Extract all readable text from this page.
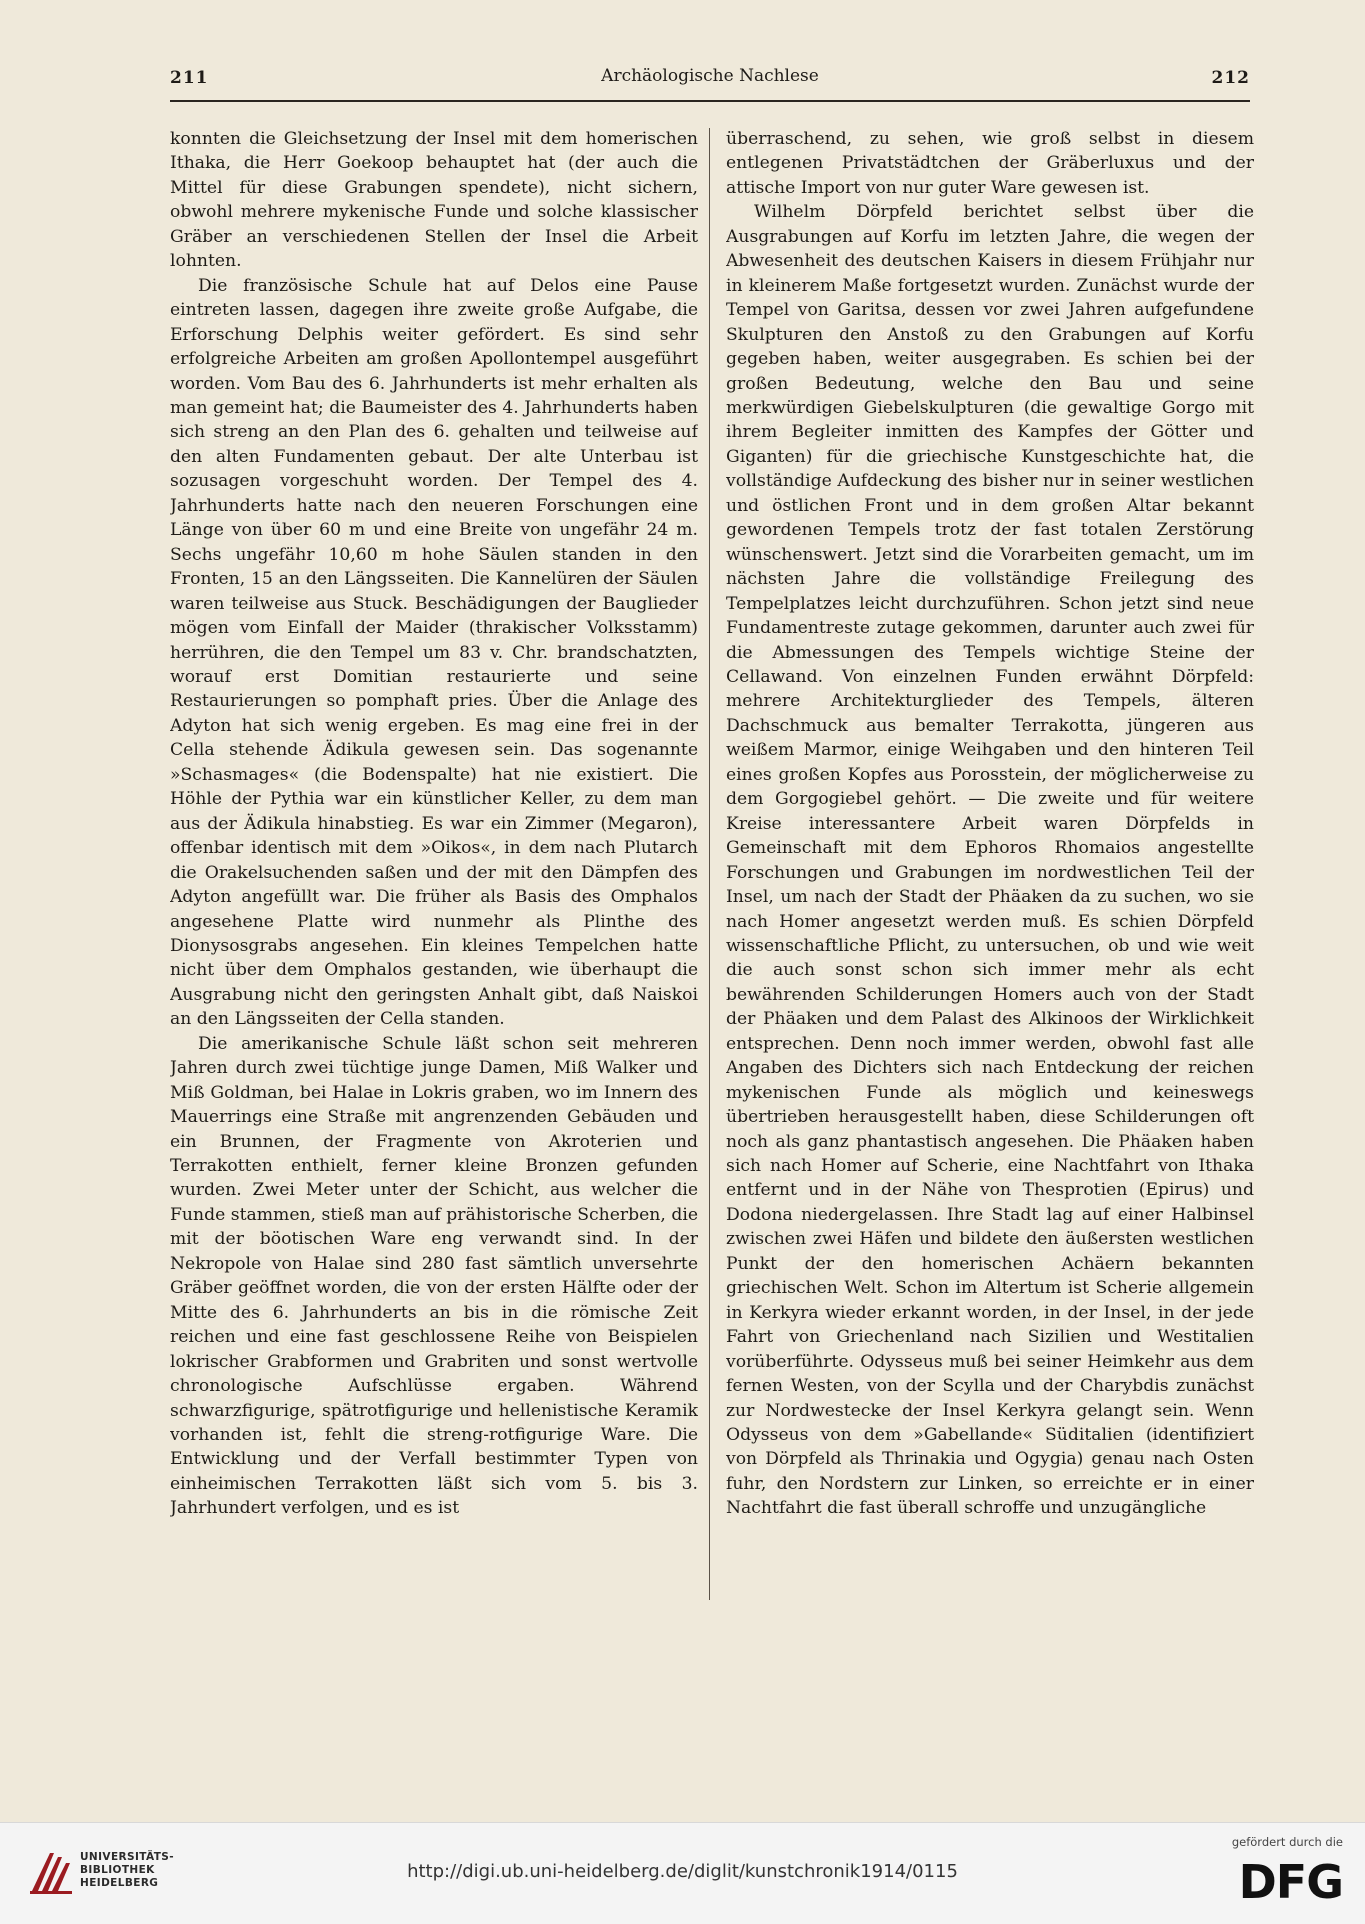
211	Archäologische Nachlese	212

konnten die Gleichsetzung der Insel mit dem homerischen Ithaka, die Herr Goekoop behauptet hat (der auch die Mittel für diese Grabungen spendete), nicht sichern, obwohl mehrere mykenische Funde und solche klassischer Gräber an verschiedenen Stellen der Insel die Arbeit lohnten.

Die französische Schule hat auf Delos eine Pause eintreten lassen, dagegen ihre zweite große Aufgabe, die Erforschung Delphis weiter gefördert. Es sind sehr erfolgreiche Arbeiten am großen Apollontempel ausgeführt worden. Vom Bau des 6. Jahrhunderts ist mehr erhalten als man gemeint hat; die Baumeister des 4. Jahrhunderts haben sich streng an den Plan des 6. gehalten und teilweise auf den alten Fundamenten gebaut. Der alte Unterbau ist sozusagen vorgeschuht worden. Der Tempel des 4. Jahrhunderts hatte nach den neueren Forschungen eine Länge von über 60 m und eine Breite von ungefähr 24 m. Sechs ungefähr 10,60 m hohe Säulen standen in den Fronten, 15 an den Längsseiten. Die Kannelüren der Säulen waren teilweise aus Stuck. Beschädigungen der Bauglieder mögen vom Einfall der Maider (thrakischer Volksstamm) herrühren, die den Tempel um 83 v. Chr. brandschatzten, worauf erst Domitian restaurierte und seine Restaurierungen so pomphaft pries. Über die Anlage des Adyton hat sich wenig ergeben. Es mag eine frei in der Cella stehende Ädikula gewesen sein. Das sogenannte »Schasmages« (die Bodenspalte) hat nie existiert. Die Höhle der Pythia war ein künstlicher Keller, zu dem man aus der Ädikula hinabstieg. Es war ein Zimmer (Megaron), offenbar identisch mit dem »Oikos«, in dem nach Plutarch die Orakelsuchenden saßen und der mit den Dämpfen des Adyton angefüllt war. Die früher als Basis des Omphalos angesehene Platte wird nunmehr als Plinthe des Dionysosgrabs angesehen. Ein kleines Tempelchen hatte nicht über dem Omphalos gestanden, wie überhaupt die Ausgrabung nicht den geringsten Anhalt gibt, daß Naiskoi an den Längsseiten der Cella standen.

Die amerikanische Schule läßt schon seit mehreren Jahren durch zwei tüchtige junge Damen, Miß Walker und Miß Goldman, bei Halae in Lokris graben, wo im Innern des Mauerrings eine Straße mit angrenzenden Gebäuden und ein Brunnen, der Fragmente von Akroterien und Terrakotten enthielt, ferner kleine Bronzen gefunden wurden. Zwei Meter unter der Schicht, aus welcher die Funde stammen, stieß man auf prähistorische Scherben, die mit der böotischen Ware eng verwandt sind. In der Nekropole von Halae sind 280 fast sämtlich unversehrte Gräber geöffnet worden, die von der ersten Hälfte oder der Mitte des 6. Jahrhunderts an bis in die römische Zeit reichen und eine fast geschlossene Reihe von Beispielen lokrischer Grabformen und Grabriten und sonst wertvolle chronologische Aufschlüsse ergaben. Während schwarzfigurige, spätrotfigurige und hellenistische Keramik vorhanden ist, fehlt die streng-rotfigurige Ware. Die Entwicklung und der Verfall bestimmter Typen von einheimischen Terrakotten läßt sich vom 5. bis 3. Jahrhundert verfolgen, und es ist

überraschend, zu sehen, wie groß selbst in diesem entlegenen Privatstädtchen der Gräberluxus und der attische Import von nur guter Ware gewesen ist.

Wilhelm Dörpfeld berichtet selbst über die Ausgrabungen auf Korfu im letzten Jahre, die wegen der Abwesenheit des deutschen Kaisers in diesem Frühjahr nur in kleinerem Maße fortgesetzt wurden. Zunächst wurde der Tempel von Garitsa, dessen vor zwei Jahren aufgefundene Skulpturen den Anstoß zu den Grabungen auf Korfu gegeben haben, weiter ausgegraben. Es schien bei der großen Bedeutung, welche den Bau und seine merkwürdigen Giebelskulpturen (die gewaltige Gorgo mit ihrem Begleiter inmitten des Kampfes der Götter und Giganten) für die griechische Kunstgeschichte hat, die vollständige Aufdeckung des bisher nur in seiner westlichen und östlichen Front und in dem großen Altar bekannt gewordenen Tempels trotz der fast totalen Zerstörung wünschenswert. Jetzt sind die Vorarbeiten gemacht, um im nächsten Jahre die vollständige Freilegung des Tempelplatzes leicht durchzuführen. Schon jetzt sind neue Fundamentreste zutage gekommen, darunter auch zwei für die Abmessungen des Tempels wichtige Steine der Cellawand. Von einzelnen Funden erwähnt Dörpfeld: mehrere Architekturglieder des Tempels, älteren Dachschmuck aus bemalter Terrakotta, jüngeren aus weißem Marmor, einige Weihgaben und den hinteren Teil eines großen Kopfes aus Porosstein, der möglicherweise zu dem Gorgogiebel gehört. — Die zweite und für weitere Kreise interessantere Arbeit waren Dörpfelds in Gemeinschaft mit dem Ephoros Rhomaios angestellte Forschungen und Grabungen im nordwestlichen Teil der Insel, um nach der Stadt der Phäaken da zu suchen, wo sie nach Homer angesetzt werden muß. Es schien Dörpfeld wissenschaftliche Pflicht, zu untersuchen, ob und wie weit die auch sonst schon sich immer mehr als echt bewährenden Schilderungen Homers auch von der Stadt der Phäaken und dem Palast des Alkinoos der Wirklichkeit entsprechen. Denn noch immer werden, obwohl fast alle Angaben des Dichters sich nach Entdeckung der reichen mykenischen Funde als möglich und keineswegs übertrieben herausgestellt haben, diese Schilderungen oft noch als ganz phantastisch angesehen. Die Phäaken haben sich nach Homer auf Scherie, eine Nachtfahrt von Ithaka entfernt und in der Nähe von Thesprotien (Epirus) und Dodona niedergelassen. Ihre Stadt lag auf einer Halbinsel zwischen zwei Häfen und bildete den äußersten westlichen Punkt der den homerischen Achäern bekannten griechischen Welt. Schon im Altertum ist Scherie allgemein in Kerkyra wieder erkannt worden, in der Insel, in der jede Fahrt von Griechenland nach Sizilien und Westitalien vorüberführte. Odysseus muß bei seiner Heimkehr aus dem fernen Westen, von der Scylla und der Charybdis zunächst zur Nordwestecke der Insel Kerkyra gelangt sein. Wenn Odysseus von dem »Gabellande« Süditalien (identifiziert von Dörpfeld als Thrinakia und Ogygia) genau nach Osten fuhr, den Nordstern zur Linken, so erreichte er in einer Nachtfahrt die fast überall schroffe und unzugängliche

UNIVERSITÄTS-
BIBLIOTHEK
HEIDELBERG
http://digi.ub.uni-heidelberg.de/diglit/kunstchronik1914/0115
gefördert durch die
DFG
